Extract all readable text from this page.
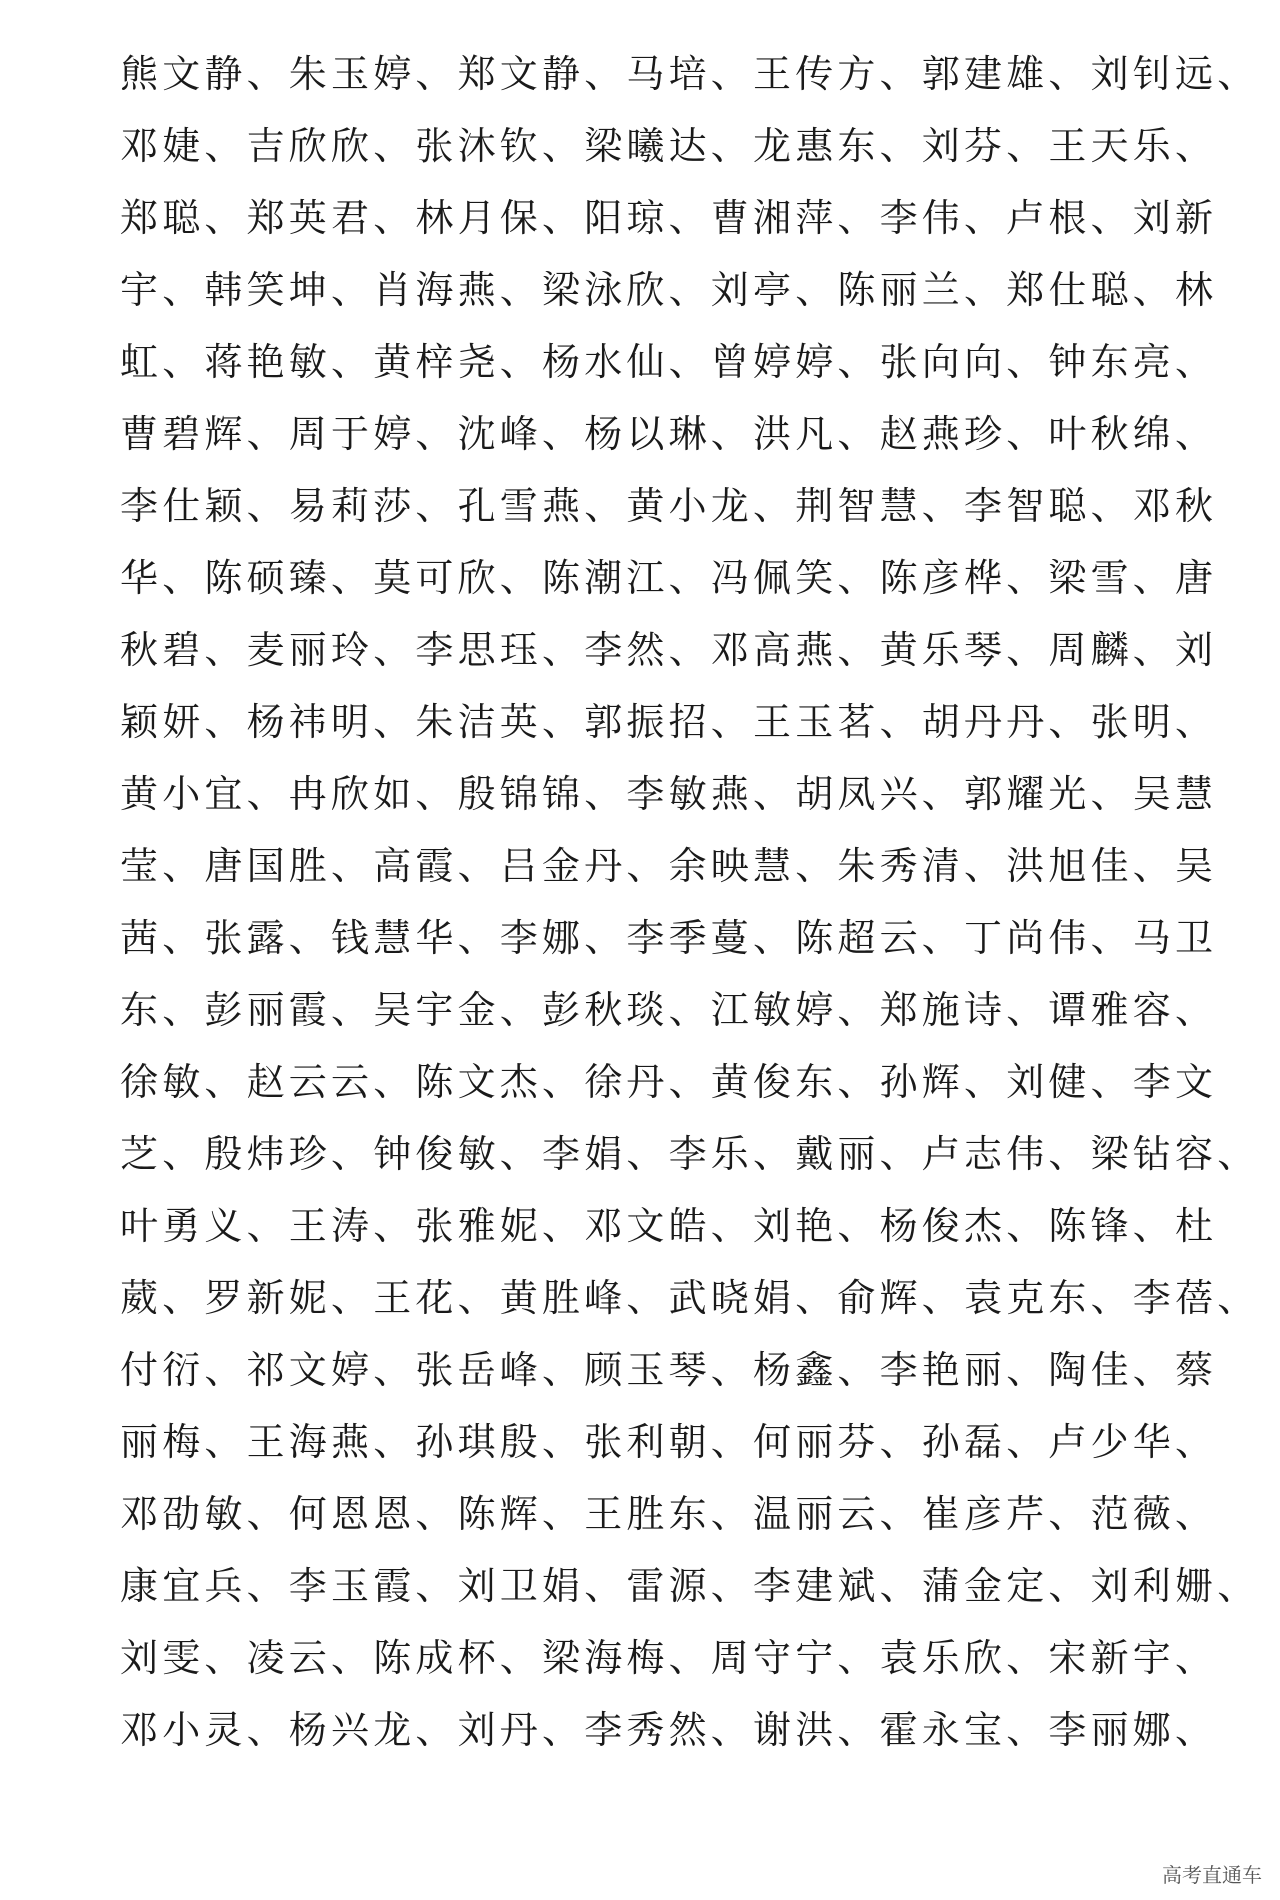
熊文静、朱玉婷、郑文静、马培、王传方、郭建雄、刘钊远、
邓婕、吉欣欣、张沐钦、梁曦达、龙惠东、刘芬、王天乐、
郑聪、郑英君、林月保、阳琼、曹湘萍、李伟、卢根、刘新
宇、韩笑坤、肖海燕、梁泳欣、刘亭、陈丽兰、郑仕聪、林
虹、蒋艳敏、黄梓尧、杨水仙、曾婷婷、张向向、钟东亮、
曹碧辉、周于婷、沈峰、杨以琳、洪凡、赵燕珍、叶秋绵、
李仕颖、易莉莎、孔雪燕、黄小龙、荆智慧、李智聪、邓秋
华、陈硕臻、莫可欣、陈潮江、冯佩笑、陈彦桦、梁雪、唐
秋碧、麦丽玲、李思珏、李然、邓高燕、黄乐琴、周麟、刘
颖妍、杨祎明、朱洁英、郭振招、王玉茗、胡丹丹、张明、
黄小宜、冉欣如、殷锦锦、李敏燕、胡凤兴、郭耀光、吴慧
莹、唐国胜、高霞、吕金丹、余映慧、朱秀清、洪旭佳、吴
茜、张露、钱慧华、李娜、李季蔓、陈超云、丁尚伟、马卫
东、彭丽霞、吴宇金、彭秋琰、江敏婷、郑施诗、谭雅容、
徐敏、赵云云、陈文杰、徐丹、黄俊东、孙辉、刘健、李文
芝、殷炜珍、钟俊敏、李娟、李乐、戴丽、卢志伟、梁钻容、
叶勇义、王涛、张雅妮、邓文皓、刘艳、杨俊杰、陈锋、杜
葳、罗新妮、王花、黄胜峰、武晓娟、俞辉、袁克东、李蓓、
付衍、祁文婷、张岳峰、顾玉琴、杨鑫、李艳丽、陶佳、蔡
丽梅、王海燕、孙琪殷、张利朝、何丽芬、孙磊、卢少华、
邓劭敏、何恩恩、陈辉、王胜东、温丽云、崔彦芹、范薇、
康宜兵、李玉霞、刘卫娟、雷源、李建斌、蒲金定、刘利姗、
刘雯、凌云、陈成杯、梁海梅、周守宁、袁乐欣、宋新宇、
邓小灵、杨兴龙、刘丹、李秀然、谢洪、霍永宝、李丽娜、
高考直通车
